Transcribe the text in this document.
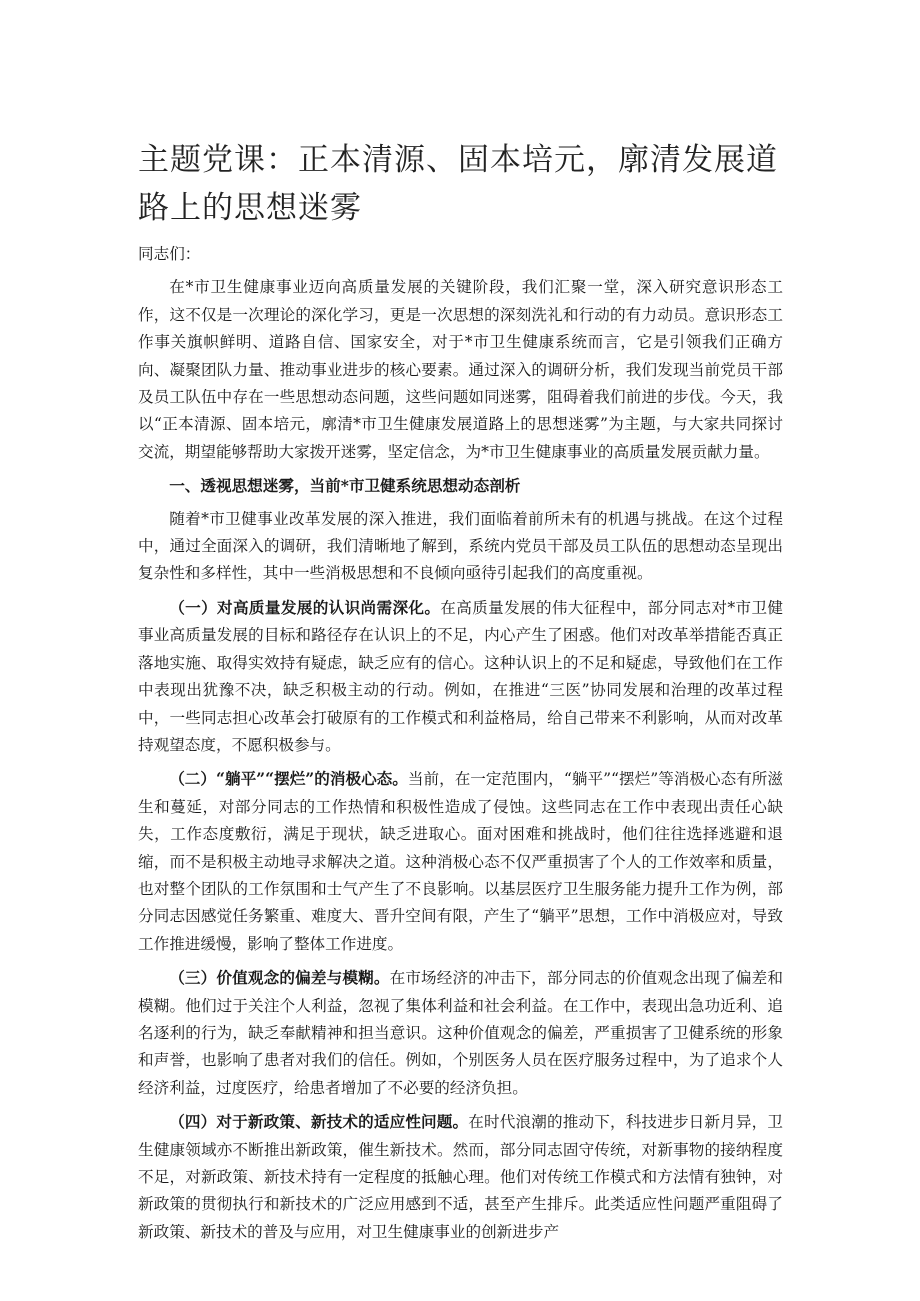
主题党课：正本清源、固本培元，廓清发展道路上的思想迷雾

同志们：

在*市卫生健康事业迈向高质量发展的关键阶段，我们汇聚一堂，深入研究意识形态工作，这不仅是一次理论的深化学习，更是一次思想的深刻洗礼和行动的有力动员。意识形态工作事关旗帜鲜明、道路自信、国家安全，对于*市卫生健康系统而言，它是引领我们正确方向、凝聚团队力量、推动事业进步的核心要素。通过深入的调研分析，我们发现当前党员干部及员工队伍中存在一些思想动态问题，这些问题如同迷雾，阻碍着我们前进的步伐。今天，我以“正本清源、固本培元，廓清*市卫生健康发展道路上的思想迷雾”为主题，与大家共同探讨交流，期望能够帮助大家拨开迷雾，坚定信念，为*市卫生健康事业的高质量发展贡献力量。

一、透视思想迷雾，当前*市卫健系统思想动态剖析

随着*市卫健事业改革发展的深入推进，我们面临着前所未有的机遇与挑战。在这个过程中，通过全面深入的调研，我们清晰地了解到，系统内党员干部及员工队伍的思想动态呈现出复杂性和多样性，其中一些消极思想和不良倾向亟待引起我们的高度重视。

（一）对高质量发展的认识尚需深化。在高质量发展的伟大征程中，部分同志对*市卫健事业高质量发展的目标和路径存在认识上的不足，内心产生了困惑。他们对改革举措能否真正落地实施、取得实效持有疑虑，缺乏应有的信心。这种认识上的不足和疑虑，导致他们在工作中表现出犹豫不决，缺乏积极主动的行动。例如，在推进“三医”协同发展和治理的改革过程中，一些同志担心改革会打破原有的工作模式和利益格局，给自己带来不利影响，从而对改革持观望态度，不愿积极参与。

（二）“躺平”“摆烂”的消极心态。当前，在一定范围内，“躺平”“摆烂”等消极心态有所滋生和蔓延，对部分同志的工作热情和积极性造成了侵蚀。这些同志在工作中表现出责任心缺失，工作态度敷衍，满足于现状，缺乏进取心。面对困难和挑战时，他们往往选择逃避和退缩，而不是积极主动地寻求解决之道。这种消极心态不仅严重损害了个人的工作效率和质量，也对整个团队的工作氛围和士气产生了不良影响。以基层医疗卫生服务能力提升工作为例，部分同志因感觉任务繁重、难度大、晋升空间有限，产生了“躺平”思想，工作中消极应对，导致工作推进缓慢，影响了整体工作进度。

（三）价值观念的偏差与模糊。在市场经济的冲击下，部分同志的价值观念出现了偏差和模糊。他们过于关注个人利益，忽视了集体利益和社会利益。在工作中，表现出急功近利、追名逐利的行为，缺乏奉献精神和担当意识。这种价值观念的偏差，严重损害了卫健系统的形象和声誉，也影响了患者对我们的信任。例如，个别医务人员在医疗服务过程中，为了追求个人经济利益，过度医疗，给患者增加了不必要的经济负担。

（四）对于新政策、新技术的适应性问题。在时代浪潮的推动下，科技进步日新月异，卫生健康领域亦不断推出新政策，催生新技术。然而，部分同志固守传统，对新事物的接纳程度不足，对新政策、新技术持有一定程度的抵触心理。他们对传统工作模式和方法情有独钟，对新政策的贯彻执行和新技术的广泛应用感到不适，甚至产生排斥。此类适应性问题严重阻碍了新政策、新技术的普及与应用，对卫生健康事业的创新进步产
